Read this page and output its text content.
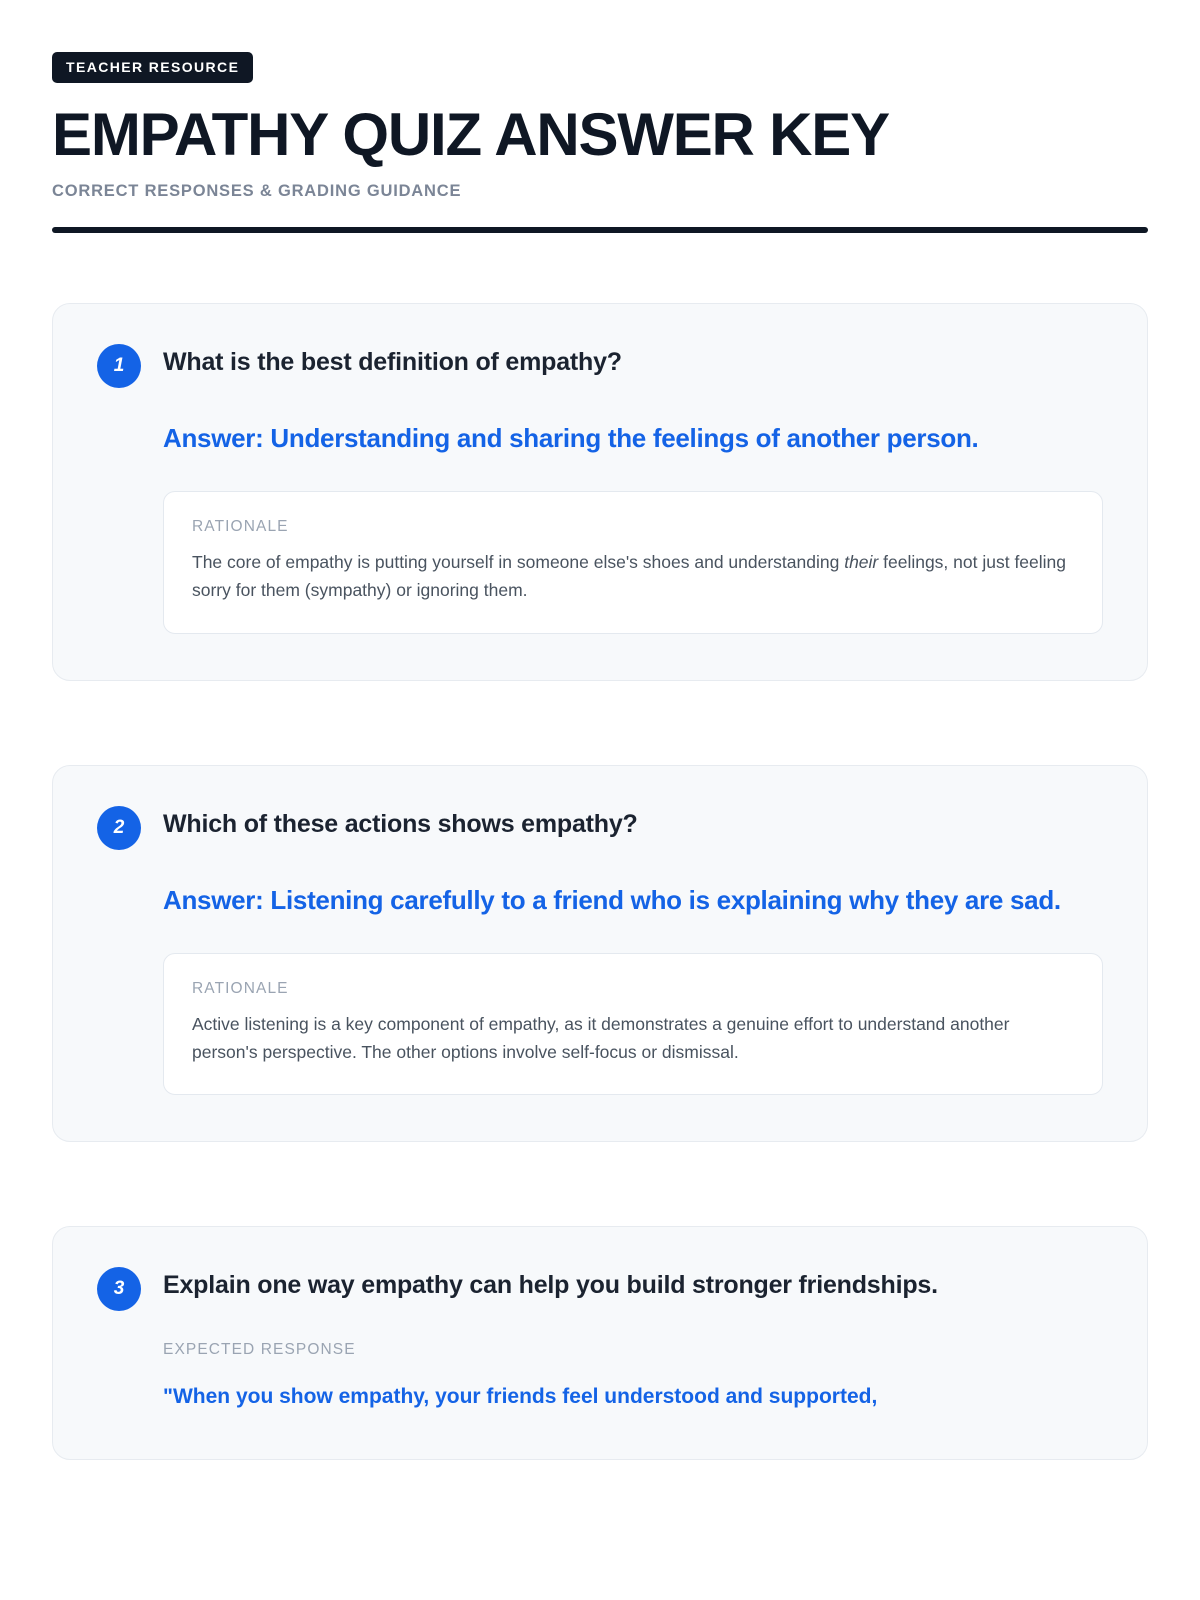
TEACHER RESOURCE
EMPATHY QUIZ ANSWER KEY
CORRECT RESPONSES & GRADING GUIDANCE
1	What is the best definition of empathy?
Answer: Understanding and sharing the feelings of another person.
RATIONALE
The core of empathy is putting yourself in someone else's shoes and understanding their feelings, not just feeling sorry for them (sympathy) or ignoring them.
2	Which of these actions shows empathy?
Answer: Listening carefully to a friend who is explaining why they are sad.
RATIONALE
Active listening is a key component of empathy, as it demonstrates a genuine effort to understand another person's perspective. The other options involve self-focus or dismissal.
3	Explain one way empathy can help you build stronger friendships.
EXPECTED RESPONSE
"When you show empathy, your friends feel understood and supported,
